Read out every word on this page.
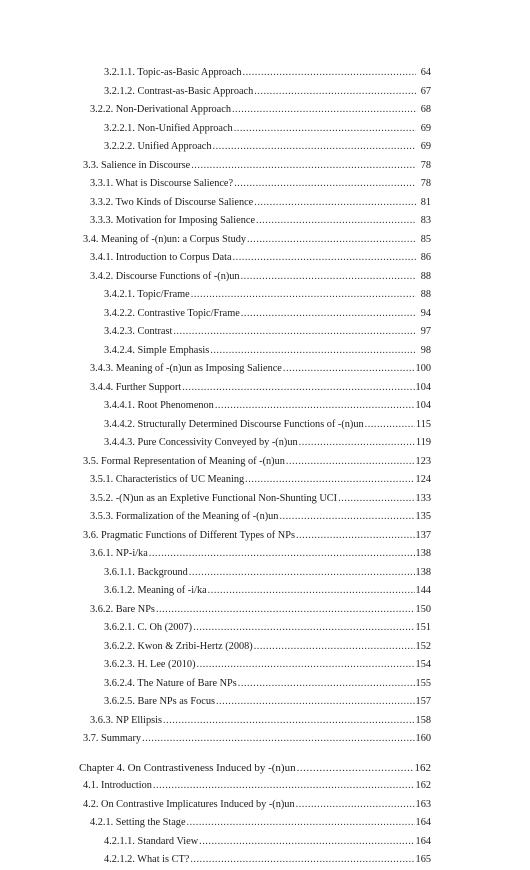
3.2.1.1. Topic-as-Basic Approach .....	64
3.2.1.2. Contrast-as-Basic Approach .....	67
3.2.2. Non-Derivational Approach .....	68
3.2.2.1. Non-Unified Approach .....	69
3.2.2.2. Unified Approach .....	69
3.3. Salience in Discourse .....	78
3.3.1. What is Discourse Salience? .....	78
3.3.2. Two Kinds of Discourse Salience .....	81
3.3.3. Motivation for Imposing Salience .....	83
3.4. Meaning of -(n)un: a Corpus Study .....	85
3.4.1. Introduction to Corpus Data .....	86
3.4.2. Discourse Functions of -(n)un .....	88
3.4.2.1. Topic/Frame .....	88
3.4.2.2. Contrastive Topic/Frame .....	94
3.4.2.3. Contrast .....	97
3.4.2.4. Simple Emphasis .....	98
3.4.3. Meaning of -(n)un as Imposing Salience .....	100
3.4.4. Further Support .....	104
3.4.4.1. Root Phenomenon .....	104
3.4.4.2. Structurally Determined Discourse Functions of -(n)un .....	115
3.4.4.3. Pure Concessivity Conveyed by -(n)un .....	119
3.5. Formal Representation of Meaning of -(n)un .....	123
3.5.1. Characteristics of UC Meaning .....	124
3.5.2. -(N)un as an Expletive Functional Non-Shunting UCI .....	133
3.5.3. Formalization of the Meaning of -(n)un .....	135
3.6. Pragmatic Functions of Different Types of NPs .....	137
3.6.1. NP-i/ka .....	138
3.6.1.1. Background .....	138
3.6.1.2. Meaning of -i/ka .....	144
3.6.2. Bare NPs .....	150
3.6.2.1. C. Oh (2007) .....	151
3.6.2.2. Kwon & Zribi-Hertz (2008) .....	152
3.6.2.3. H. Lee (2010) .....	154
3.6.2.4. The Nature of Bare NPs .....	155
3.6.2.5. Bare NPs as Focus .....	157
3.6.3. NP Ellipsis .....	158
3.7. Summary .....	160
Chapter 4. On Contrastiveness Induced by -(n)un .....	162
4.1. Introduction .....	162
4.2. On Contrastive Implicatures Induced by -(n)un .....	163
4.2.1. Setting the Stage .....	164
4.2.1.1. Standard View .....	164
4.2.1.2. What is CT? .....	165
